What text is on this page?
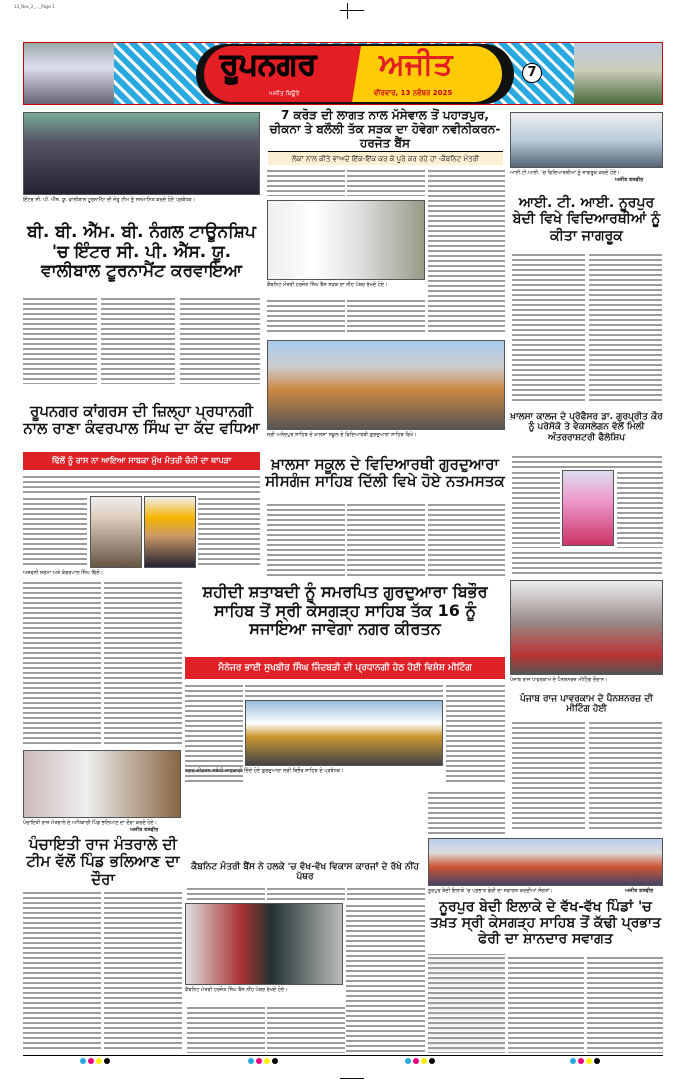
13_Nov_2_..._Page 1
ਰੂਪਨਗਰ ਅਜੀਤ
ਅਜੀਤ ਬਿਊਰੋ	ਵੀਰਵਾਰ, 13 ਨਵੰਬਰ 2025
7
ਇੰਟਰ ਸੀ. ਪੀ. ਐੱਸ. ਯੂ. ਵਾਲੀਬਾਲ ਟੂਰਨਾਮੈਂਟ ਦੀ ਜੇਤੂ ਟੀਮ ਨੂੰ ਸਨਮਾਨਿਤ ਕਰਦੇ ਹੋਏ ਪ੍ਰਬੰਧਕ।
ਬੀ. ਬੀ. ਐੱਮ. ਬੀ. ਨੰਗਲ ਟਾਊਨਸ਼ਿਪ 'ਚ ਇੰਟਰ ਸੀ. ਪੀ. ਐੱਸ. ਯੂ. ਵਾਲੀਬਾਲ ਟੂਰਨਾਮੈਂਟ ਕਰਵਾਇਆ
7 ਕਰੋੜ ਦੀ ਲਾਗਤ ਨਾਲ ਮੱਸੇਵਾਲ ਤੋਂ ਪਹਾੜਪੁਰ, ਚੀਕਨਾ ਤੇ ਬਲੌਲੀ ਤੱਕ ਸੜਕ ਦਾ ਹੋਵੇਗਾ ਨਵੀਨੀਕਰਨ- ਹਰਜੋਤ ਬੈਂਸ
ਲੋਕਾਂ ਨਾਲ ਕੀਤੇ ਵਾਅਦੇ ਇੱਕ-ਇੱਕ ਕਰ ਕੇ ਪੂਰੇ ਕਰ ਰਹੇ ਹਾਂ -ਕੈਬਨਿਟ ਮੰਤਰੀ
ਕੈਬਨਿਟ ਮੰਤਰੀ ਹਰਜੋਤ ਸਿੰਘ ਬੈਂਸ ਸੜਕ ਦਾ ਨੀਂਹ ਪੱਥਰ ਰੱਖਦੇ ਹੋਏ।
ਸ੍ਰੀ ਅਨੰਦਪੁਰ ਸਾਹਿਬ ਦੇ ਖ਼ਾਲਸਾ ਸਕੂਲ ਦੇ ਵਿਦਿਆਰਥੀ ਗੁਰਦੁਆਰਾ ਸਾਹਿਬ ਵਿਖੇ।
ਆਈ.ਟੀ.ਆਈ. 'ਚ ਵਿਦਿਆਰਥੀਆਂ ਨੂੰ ਜਾਗਰੂਕ ਕਰਦੇ ਹੋਏ।
ਅਜੀਤ ਤਸਵੀਰ
ਆਈ. ਟੀ. ਆਈ. ਨੂਰਪੁਰ ਬੇਦੀ ਵਿਖੇ ਵਿਦਿਆਰਥੀਆਂ ਨੂੰ ਕੀਤਾ ਜਾਗਰੂਕ
ਰੂਪਨਗਰ ਕਾਂਗਰਸ ਦੀ ਜ਼ਿਲ੍ਹਾ ਪ੍ਰਧਾਨਗੀ ਨਾਲ ਰਾਣਾ ਕੰਵਰਪਾਲ ਸਿੰਘ ਦਾ ਕੱਦ ਵਧਿਆ
ਢਿੱਲੋਂ ਨੂੰ ਰਾਸ ਨਾ ਆਇਆ ਸਾਬਕਾ ਮੁੱਖ ਮੰਤਰੀ ਚੰਨੀ ਦਾ ਥਾਪੜਾ
ਅਸ਼ਵਨੀ ਸ਼ਰਮਾ ਅਤੇ ਕੰਵਰਪਾਲ ਸਿੰਘ ਢਿੱਲੋਂ।
ਖ਼ਾਲਸਾ ਸਕੂਲ ਦੇ ਵਿਦਿਆਰਥੀ ਗੁਰਦੁਆਰਾ ਸੀਸਗੰਜ ਸਾਹਿਬ ਦਿੱਲੀ ਵਿਖੇ ਹੋਏ ਨਤਮਸਤਕ
ਖ਼ਾਲਸਾ ਕਾਲਜ ਦੇ ਪ੍ਰੋਫੈਸਰ ਡਾ. ਗੁਰਪ੍ਰੀਤ ਕੌਰ ਨੂੰ ਪਰੋਸੋਕੋ ਤੇ ਵੋਕਸਲੇਗਨ ਵੱਲੋਂ ਮਿਲੀ ਅੰਤਰਰਾਸ਼ਟਰੀ ਫੈਲੋਸ਼ਿਪ
ਸ਼ਹੀਦੀ ਸ਼ਤਾਬਦੀ ਨੂੰ ਸਮਰਪਿਤ ਗੁਰਦੁਆਰਾ ਬਿਭੌਰ ਸਾਹਿਬ ਤੋਂ ਸ੍ਰੀ ਕੇਸਗੜ੍ਹ ਸਾਹਿਬ ਤੱਕ 16 ਨੂੰ ਸਜਾਇਆ ਜਾਵੇਗਾ ਨਗਰ ਕੀਰਤਨ
ਮੈਨੇਜਰ ਭਾਈ ਸੁਖਬੀਰ ਸਿੰਘ ਜਿੰਦਬੜੀ ਦੀ ਪ੍ਰਧਾਨਗੀ ਹੇਠ ਹੋਈ ਵਿਸ਼ੇਸ਼ ਮੀਟਿੰਗ
ਨਗਰ ਕੀਰਤਨ ਸਬੰਧੀ ਜਾਣਕਾਰੀ ਦਿੰਦੇ ਹੋਏ ਗੁਰਦੁਆਰਾ ਸ੍ਰੀ ਬਿਭੌਰ ਸਾਹਿਬ ਦੇ ਪ੍ਰਬੰਧਕ।
ਪੰਜਾਬ ਰਾਜ ਪਾਵਰਕਾਮ ਦੇ ਪੈਨਸ਼ਨਰਜ਼ ਮੀਟਿੰਗ ਦੌਰਾਨ।
ਪੰਜਾਬ ਰਾਜ ਪਾਵਰਕਾਮ ਦੇ ਪੈਨਸ਼ਨਰਜ਼ ਦੀ ਮੀਟਿੰਗ ਹੋਈ
ਪੰਚਾਇਤੀ ਰਾਜ ਮੰਤਰਾਲੇ ਦੇ ਅਧਿਕਾਰੀ ਪਿੰਡ ਭਲਿਆਣ ਦਾ ਦੌਰਾ ਕਰਦੇ ਹੋਏ।
ਅਜੀਤ ਤਸਵੀਰ
ਪੰਚਾਇਤੀ ਰਾਜ ਮੰਤਰਾਲੇ ਦੀ ਟੀਮ ਵੱਲੋਂ ਪਿੰਡ ਭਲਿਆਣ ਦਾ ਦੌਰਾ
ਕੈਬਨਿਟ ਮੰਤਰੀ ਬੈਂਸ ਨੇ ਹਲਕੇ 'ਚ ਵੱਖ-ਵੱਖ ਵਿਕਾਸ ਕਾਰਜਾਂ ਦੇ ਰੱਖੇ ਨੀਂਹ ਪੱਥਰ
ਕੈਬਨਿਟ ਮੰਤਰੀ ਹਰਜੋਤ ਸਿੰਘ ਬੈਂਸ ਨੀਂਹ ਪੱਥਰ ਰੱਖਦੇ ਹੋਏ।
ਨੂਰਪੁਰ ਬੇਦੀ ਇਲਾਕੇ 'ਚ ਪ੍ਰਭਾਤ ਫੇਰੀ ਦਾ ਸਵਾਗਤ ਕਰਦੀਆਂ ਸੰਗਤਾਂ।	ਅਜੀਤ ਤਸਵੀਰ
ਨੂਰਪੁਰ ਬੇਦੀ ਇਲਾਕੇ ਦੇ ਵੱਖ-ਵੱਖ ਪਿੰਡਾਂ 'ਚ ਤਖ਼ਤ ਸ੍ਰੀ ਕੇਸਗੜ੍ਹ ਸਾਹਿਬ ਤੋਂ ਕੱਢੀ ਪ੍ਰਭਾਤ ਫੇਰੀ ਦਾ ਸ਼ਾਨਦਾਰ ਸਵਾਗਤ
